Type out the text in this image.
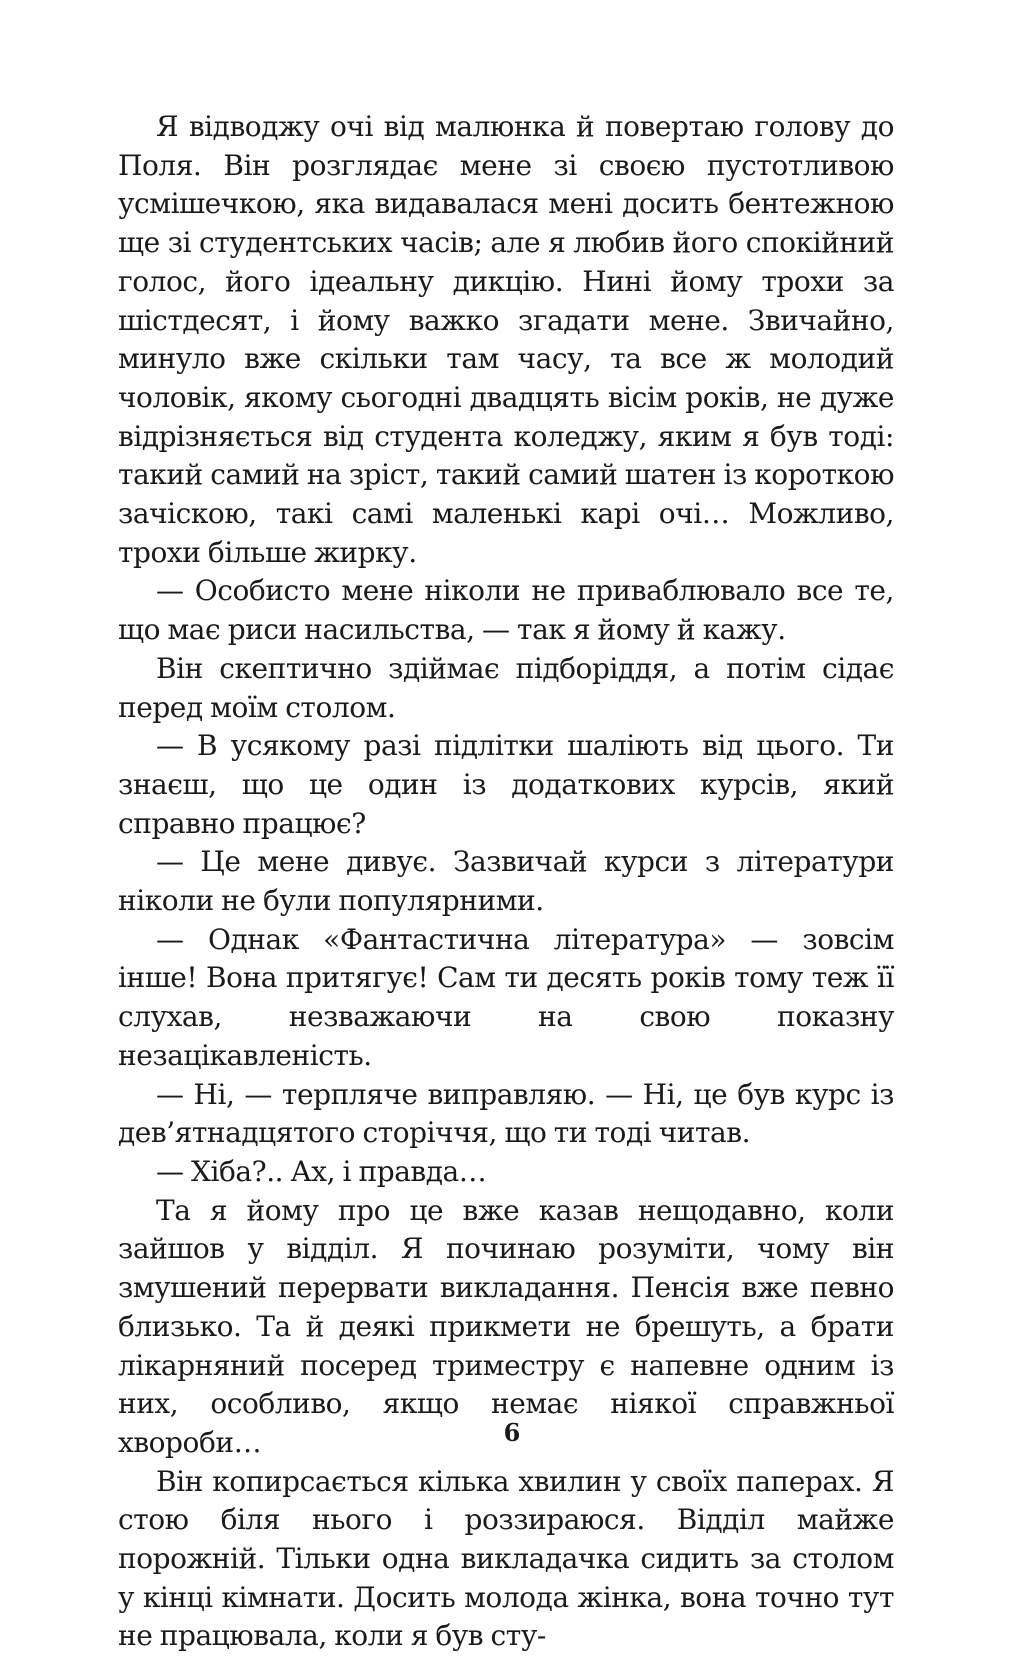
Я відводжу очі від малюнка й повертаю голову до Поля. Він розглядає мене зі своєю пустотливою усмішечкою, яка видавалася мені досить бентежною ще зі студентських часів; але я любив його спокійний голос, його ідеальну дикцію. Нині йому трохи за шістдесят, і йому важко згадати мене. Звичайно, минуло вже скільки там часу, та все ж молодий чоловік, якому сьогодні двадцять вісім років, не дуже відрізняється від студента коледжу, яким я був тоді: такий самий на зріст, такий самий шатен із короткою зачіскою, такі самі маленькі карі очі… Можливо, трохи більше жирку.

— Особисто мене ніколи не приваблювало все те, що має риси насильства, — так я йому й кажу.

Він скептично здіймає підборіддя, а потім сідає перед моїм столом.

— В усякому разі підлітки шаліють від цього. Ти знаєш, що це один із додаткових курсів, який справно працює?

— Це мене дивує. Зазвичай курси з літератури ніколи не були популярними.

— Однак «Фантастична література» — зовсім інше! Вона притягує! Сам ти десять років тому теж її слухав, незважаючи на свою показну незацікавленість.

— Ні, — терпляче виправляю. — Ні, це був курс із дев’ятнадцятого сторіччя, що ти тоді читав.

— Хіба?.. Ах, і правда…

Та я йому про це вже казав нещодавно, коли зайшов у відділ. Я починаю розуміти, чому він змушений перервати викладання. Пенсія вже певно близько. Та й деякі прикмети не брешуть, а брати лікарняний посеред триместру є напевне одним із них, особливо, якщо немає ніякої справжньої хвороби…

Він копирсається кілька хвилин у своїх паперах. Я стою біля нього і роззираюся. Відділ майже порожній. Тільки одна викладачка сидить за столом у кінці кімнати. Досить молода жінка, вона точно тут не працювала, коли я був сту-

6
